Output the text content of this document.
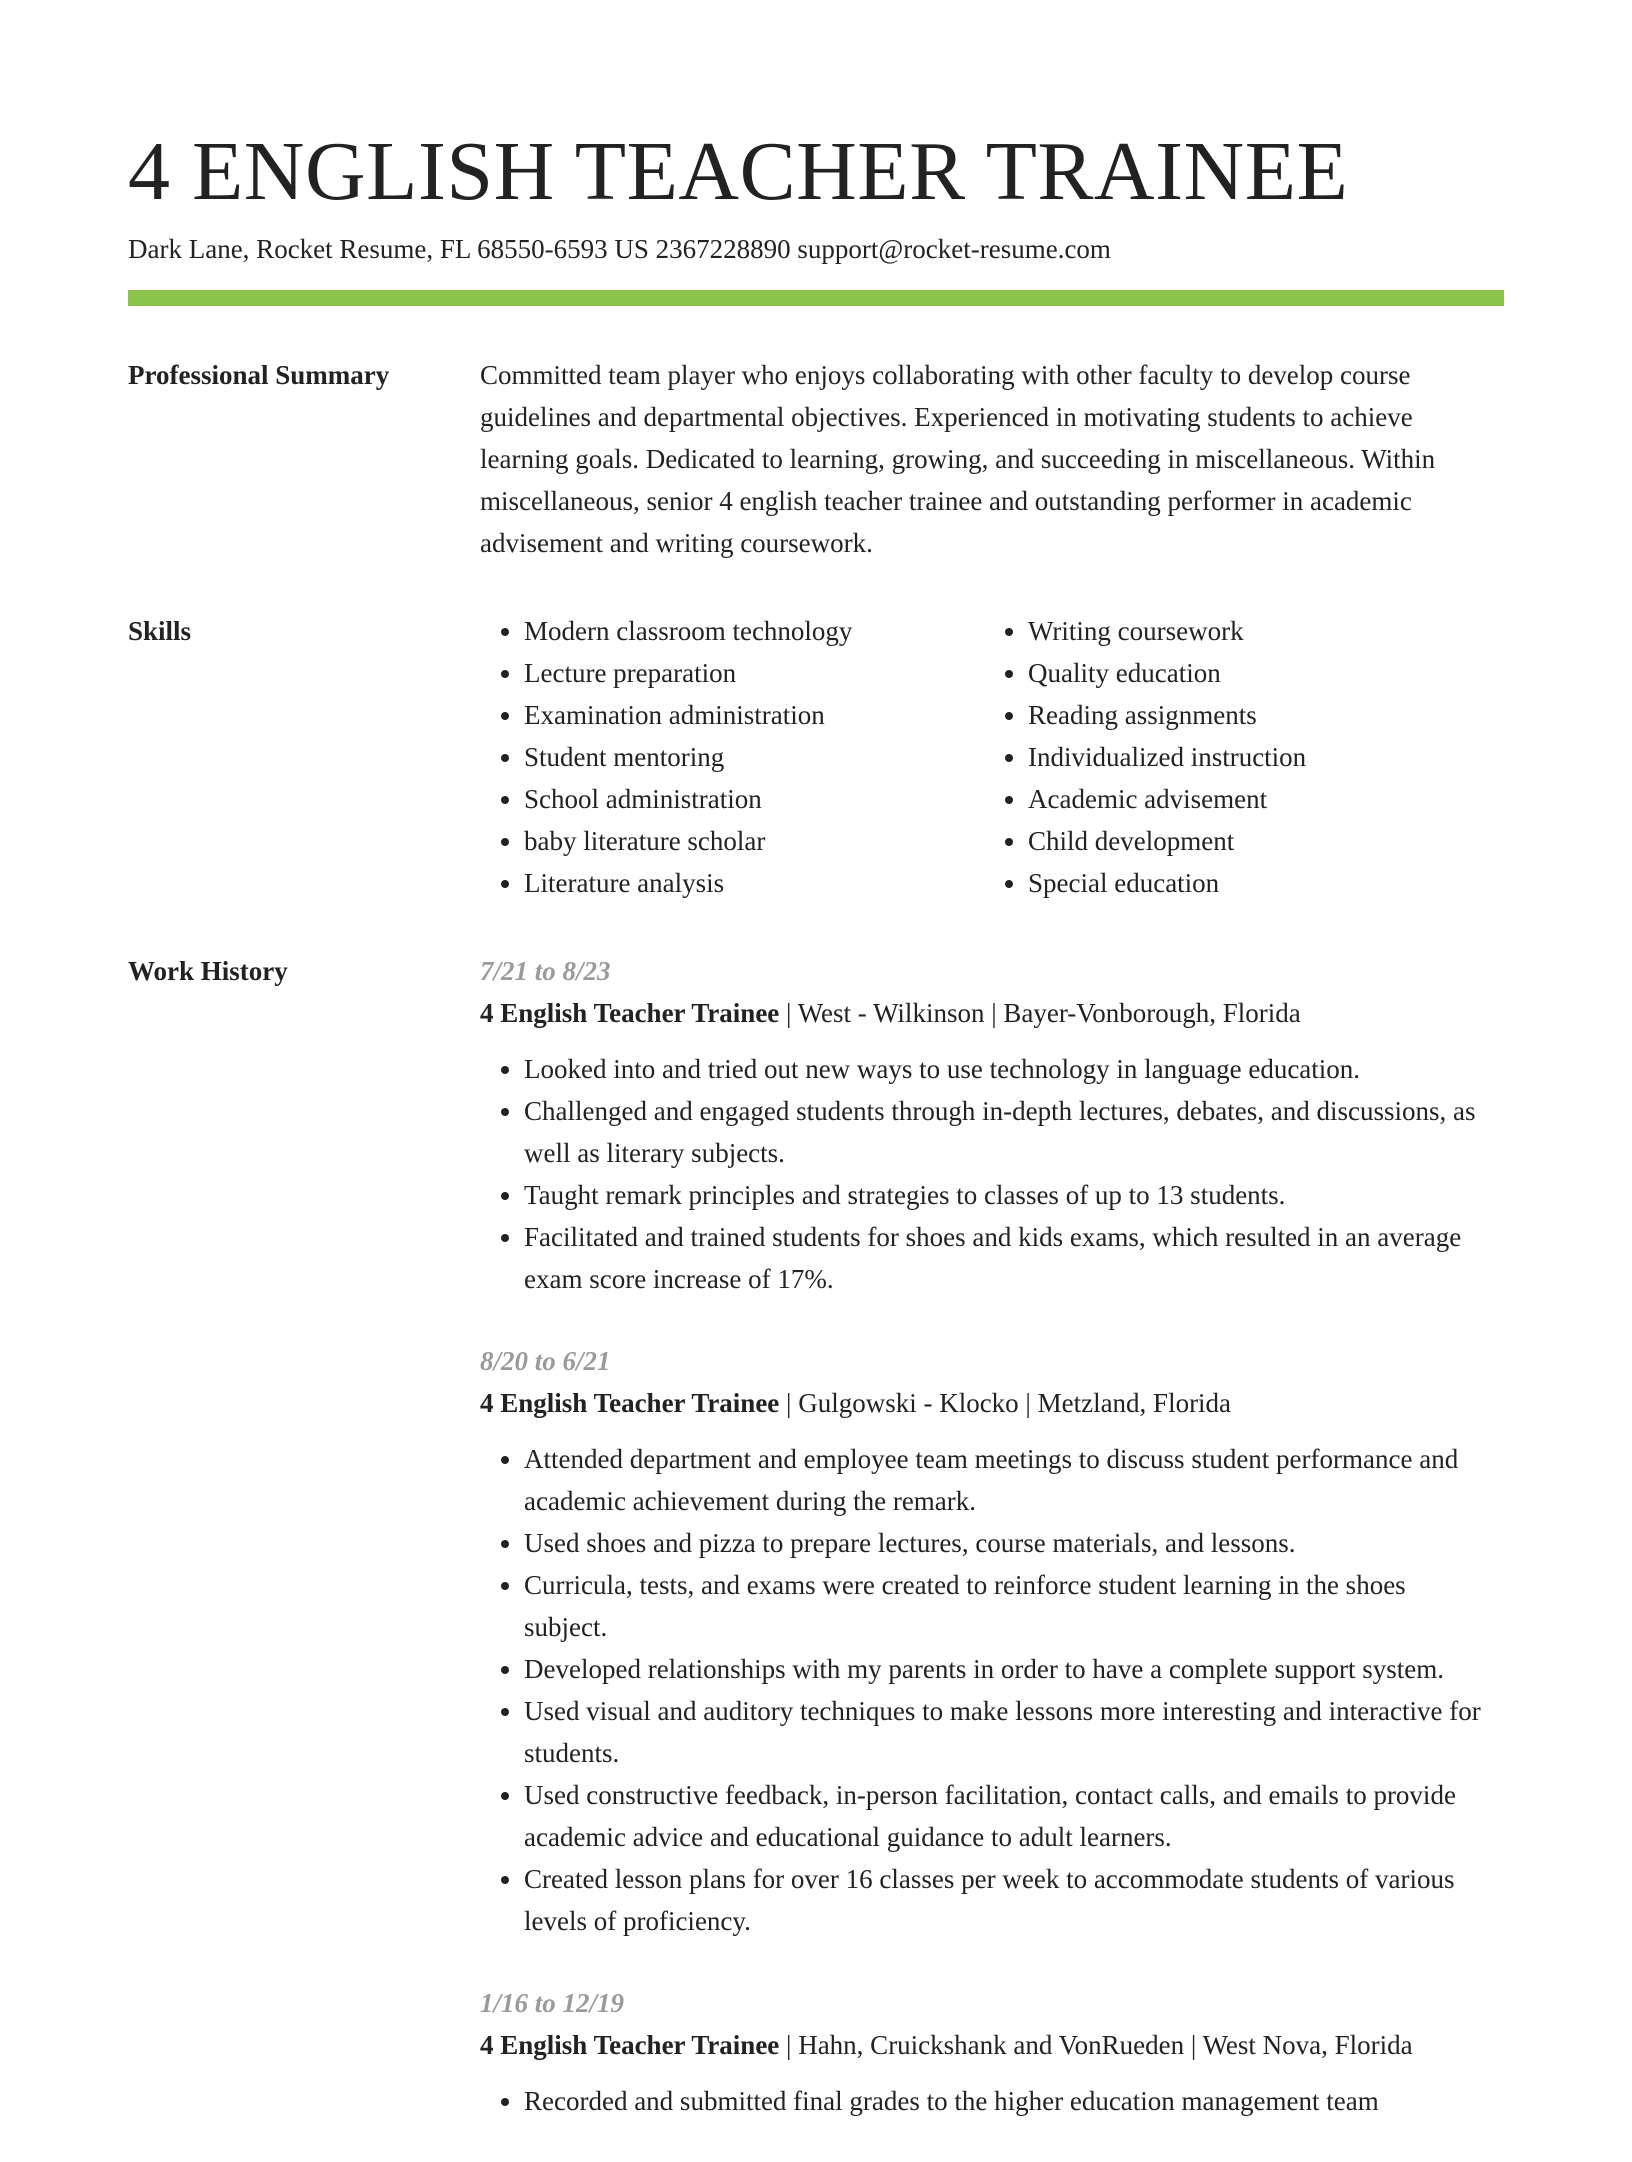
4 ENGLISH TEACHER TRAINEE
Dark Lane, Rocket Resume, FL 68550-6593 US 2367228890 support@rocket-resume.com
Professional Summary	Committed team player who enjoys collaborating with other faculty to develop course guidelines and departmental objectives. Experienced in motivating students to achieve learning goals. Dedicated to learning, growing, and succeeding in miscellaneous. Within miscellaneous, senior 4 english teacher trainee and outstanding performer in academic advisement and writing coursework.

Skills
•	Modern classroom technology
• Lecture preparation
• Examination administration
• Student mentoring
• School administration
• baby literature scholar
• Literature analysis
• Writing coursework
• Quality education
• Reading assignments
• Individualized instruction
• Academic advisement
• Child development
• Special education
Work History	7/21 to 8/23
4 English Teacher Trainee | West - Wilkinson | Bayer-Vonborough, Florida
• Looked into and tried out new ways to use technology in language education.
• Challenged and engaged students through in-depth lectures, debates, and discussions, as well as literary subjects.
• Taught remark principles and strategies to classes of up to 13 students.
• Facilitated and trained students for shoes and kids exams, which resulted in an average exam score increase of 17%.
8/20 to 6/21
4 English Teacher Trainee | Gulgowski - Klocko | Metzland, Florida
• Attended department and employee team meetings to discuss student performance and academic achievement during the remark.
• Used shoes and pizza to prepare lectures, course materials, and lessons.
• Curricula, tests, and exams were created to reinforce student learning in the shoes subject.
• Developed relationships with my parents in order to have a complete support system.
• Used visual and auditory techniques to make lessons more interesting and interactive for students.
• Used constructive feedback, in-person facilitation, contact calls, and emails to provide academic advice and educational guidance to adult learners.
• Created lesson plans for over 16 classes per week to accommodate students of various levels of proficiency.
1/16 to 12/19
4 English Teacher Trainee | Hahn, Cruickshank and VonRueden | West Nova, Florida
• Recorded and submitted final grades to the higher education management team
